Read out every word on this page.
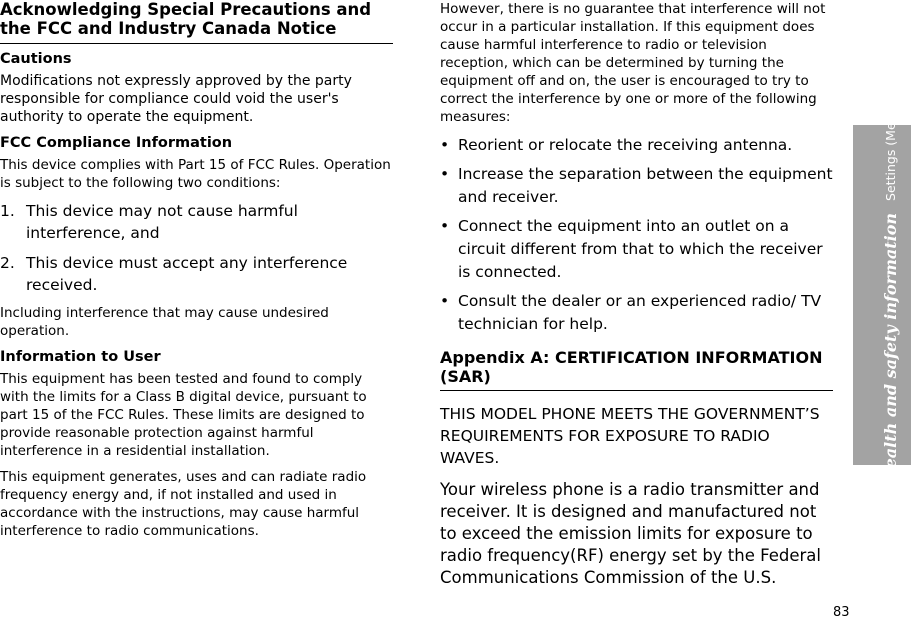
Acknowledging Special Precautions and the FCC and Industry Canada Notice
Cautions
Modifications not expressly approved by the party responsible for compliance could void the user's authority to operate the equipment.
FCC Compliance Information
This device complies with Part 15 of FCC Rules. Operation is subject to the following two conditions:
1. This device may not cause harmful interference, and
2. This device must accept any interference received.
Including interference that may cause undesired operation.
Information to User
This equipment has been tested and found to comply with the limits for a Class B digital device, pursuant to part 15 of the FCC Rules. These limits are designed to provide reasonable protection against harmful interference in a residential installation.
This equipment generates, uses and can radiate radio frequency energy and, if not installed and used in accordance with the instructions, may cause harmful interference to radio communications.
However, there is no guarantee that interference will not occur in a particular installation. If this equipment does cause harmful interference to radio or television reception, which can be determined by turning the equipment off and on, the user is encouraged to try to correct the interference by one or more of the following measures:
• Reorient or relocate the receiving antenna.
• Increase the separation between the equipment and receiver.
• Connect the equipment into an outlet on a circuit different from that to which the receiver is connected.
• Consult the dealer or an experienced radio/ TV technician for help.
Appendix A: CERTIFICATION INFORMATION (SAR)
THIS MODEL PHONE MEETS THE GOVERNMENT’S REQUIREMENTS FOR EXPOSURE TO RADIO WAVES.
Your wireless phone is a radio transmitter and receiver. It is designed and manufactured not to exceed the emission limits for exposure to radio frequency(RF) energy set by the Federal Communications Commission of the U.S.
Health and safety information
Settings (Menu
83
